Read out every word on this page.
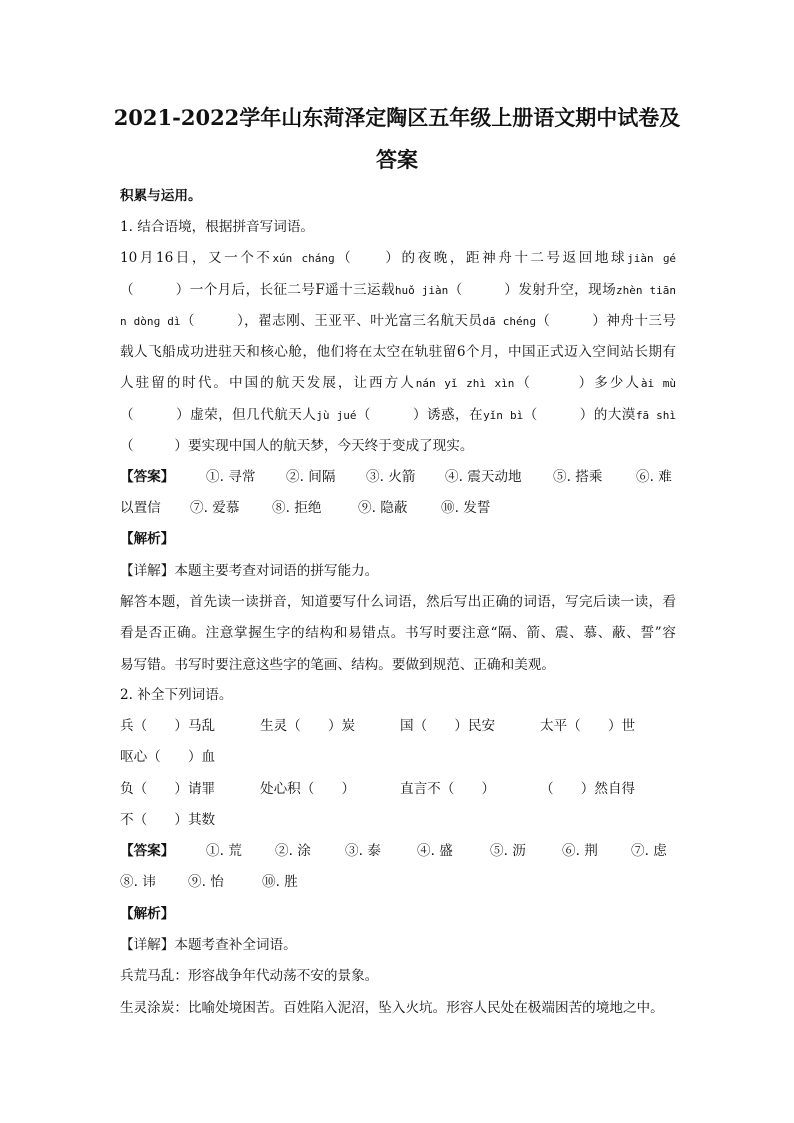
2021-2022学年山东菏泽定陶区五年级上册语文期中试卷及
答案
积累与运用。
1. 结合语境，根据拼音写词语。
10月16日，又一个不xún chánɡ（　　）的夜晚，距神舟十二号返回地球jiàn ɡé
（　　　）一个月后，长征二号F遥十三运载huǒ jiàn（　　　）发射升空，现场zhèn tiān
n dònɡ dì（　　　），翟志刚、王亚平、叶光富三名航天员dā chénɡ（　　　）神舟十三号
载人飞船成功进驻天和核心舱，他们将在太空在轨驻留6个月，中国正式迈入空间站长期有
人驻留的时代。中国的航天发展，让西方人nán yǐ zhì xìn（　　　）多少人ài mù
（　　　）虚荣，但几代航天人jù jué（　　　）诱惑，在yǐn bì（　　　）的大漠fā shì
（　　　）要实现中国人的航天梦，今天终于变成了现实。
【答案】 ①. 寻常 ②. 间隔 ③. 火箭 ④. 震天动地 ⑤. 搭乘 ⑥. 难
以置信 ⑦. 爱慕 ⑧. 拒绝	⑨. 隐蔽 ⑩. 发誓
【解析】
【详解】本题主要考查对词语的拼写能力。
解答本题，首先读一读拼音，知道要写什么词语，然后写出正确的词语，写完后读一读，看
看是否正确。注意掌握生字的结构和易错点。书写时要注意“隔、箭、震、慕、蔽、誓”容
易写错。书写时要注意这些字的笔画、结构。要做到规范、正确和美观。
2. 补全下列词语。
兵（　　）马乱	生灵（　　）炭	国（　　）民安	太平（　　）世
呕心（　　）血
负（　　）请罪	处心积（　　）	直言不（　　）	（　　）然自得
不（　　）其数
【答案】 ①. 荒 ②. 涂	③. 泰	④. 盛	⑤. 沥	⑥. 荆 ⑦. 虑
⑧. 讳 ⑨. 怡	⑩. 胜
【解析】
【详解】本题考查补全词语。
兵荒马乱：形容战争年代动荡不安的景象。
生灵涂炭：比喻处境困苦。百姓陷入泥沼，坠入火坑。形容人民处在极端困苦的境地之中。
